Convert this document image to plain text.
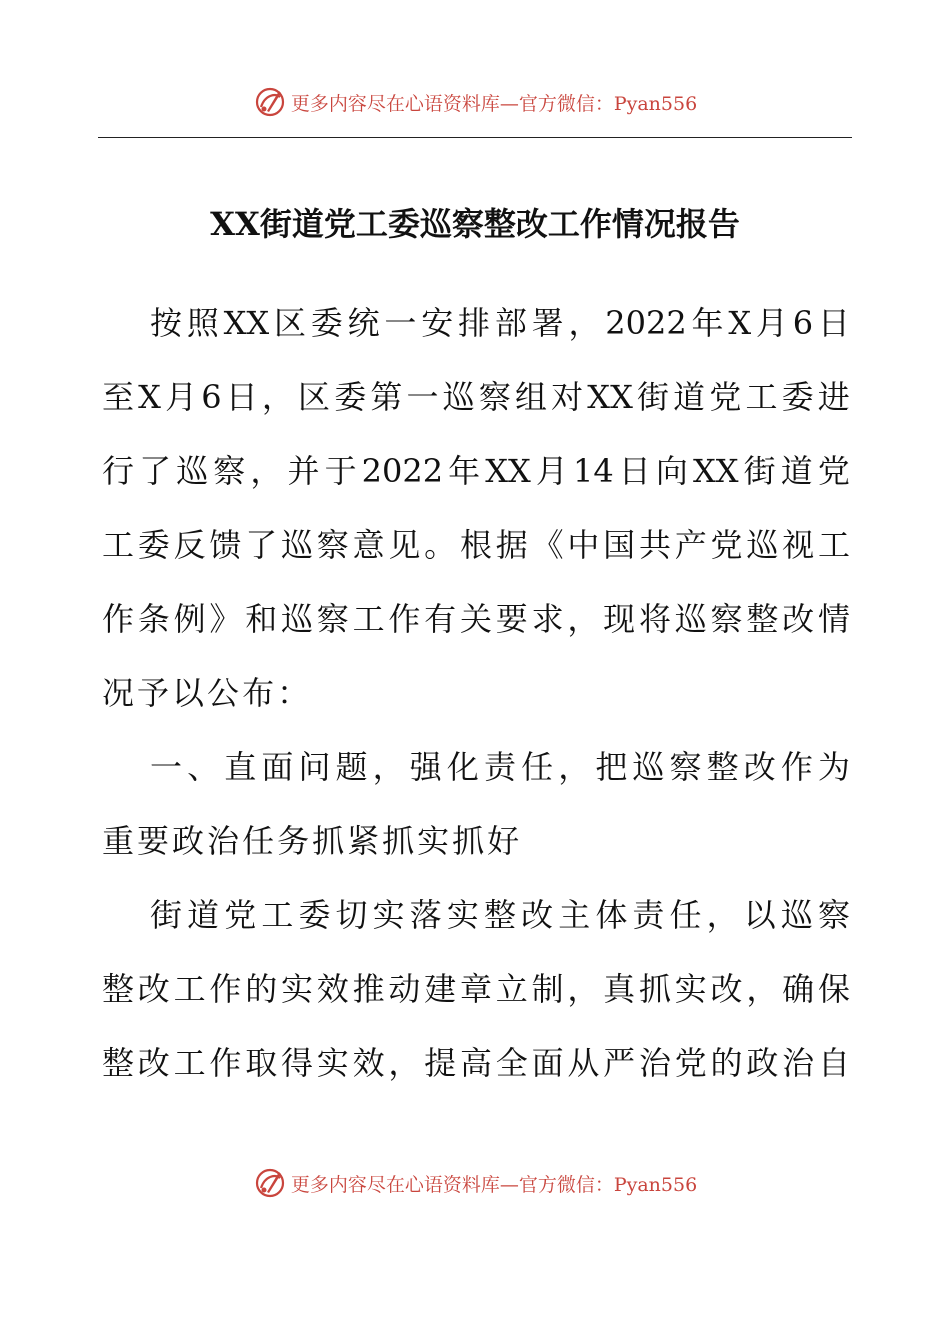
更多内容尽在心语资料库—官方微信：Pyan556
XX街道党工委巡察整改工作情况报告
按 照 XX 区 委 统 一 安 排 部 署 ， 2022 年 X 月 6 日
至 X 月 6 日 ， 区 委 第 一 巡 察 组 对 XX 街 道 党 工 委 进
行 了 巡 察 ， 并 于 2022 年 XX 月 14 日 向 XX 街 道 党
工 委 反 馈 了 巡 察 意 见 。 根 据 《 中 国 共 产 党 巡 视 工
作 条 例 》 和 巡 察 工 作 有 关 要 求 ， 现 将 巡 察 整 改 情
况 予 以 公 布 ：
一 、 直 面 问 题 ， 强 化 责 任 ， 把 巡 察 整 改 作 为
重 要 政 治 任 务 抓 紧 抓 实 抓 好
街 道 党 工 委 切 实 落 实 整 改 主 体 责 任 ， 以 巡 察
整 改 工 作 的 实 效 推 动 建 章 立 制 ， 真 抓 实 改 ， 确 保
整 改 工 作 取 得 实 效 ， 提 高 全 面 从 严 治 党 的 政 治 自
更多内容尽在心语资料库—官方微信：Pyan556
